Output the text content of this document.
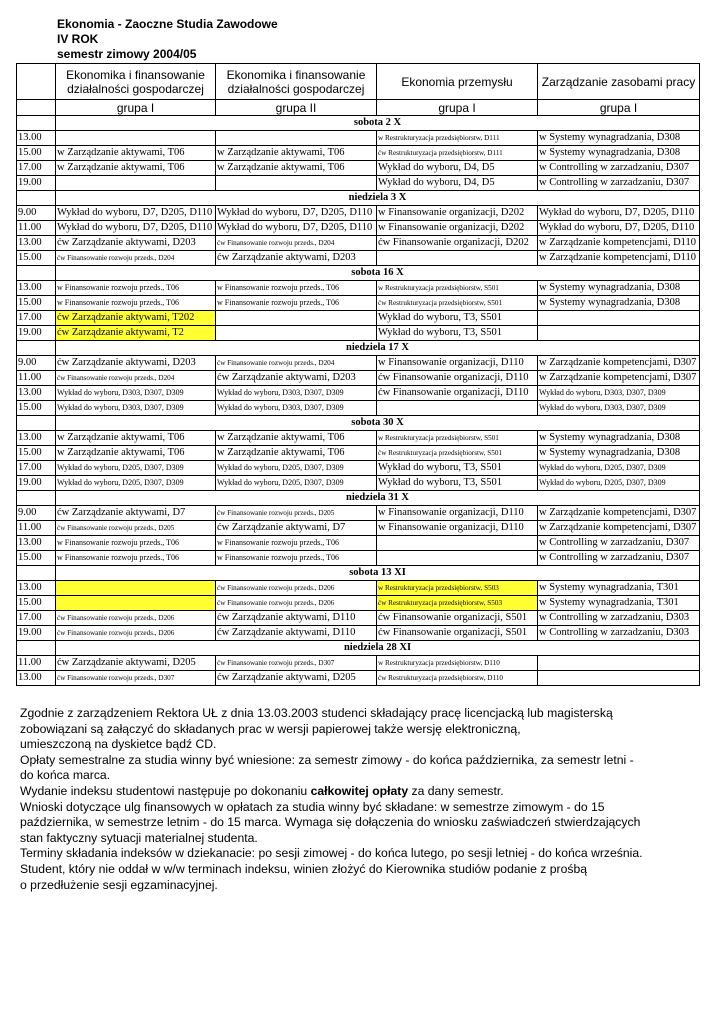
Ekonomia - Zaoczne Studia Zawodowe
IV ROK
semestr zimowy 2004/05
	Ekonomika i finansowanie działalności gospodarczej	Ekonomika i finansowanie działalności gospodarczej	Ekonomia przemysłu	Zarządzanie zasobami pracy
	grupa I	grupa II	grupa I	grupa I
	sobota 2 X			
13.00			w Restrukturyzacja przedsiębiorstw, D111	w Systemy wynagradzania, D308
15.00	w Zarządzanie aktywami, T06	w Zarządzanie aktywami, T06	ćw Restrukturyzacja przedsiębiorstw, D111	w Systemy wynagradzania, D308
17.00	w Zarządzanie aktywami, T06	w Zarządzanie aktywami, T06	Wykład do wyboru, D4, D5	w Controlling w zarzadzaniu, D307
19.00			Wykład do wyboru, D4, D5	w Controlling w zarzadzaniu, D307
	niedziela 3 X			
9.00	Wykład do wyboru, D7, D205, D110	Wykład do wyboru, D7, D205, D110	w Finansowanie organizacji, D202	Wykład do wyboru, D7, D205, D110
11.00	Wykład do wyboru, D7, D205, D110	Wykład do wyboru, D7, D205, D110	w Finansowanie organizacji, D202	Wykład do wyboru, D7, D205, D110
13.00	ćw Zarządzanie aktywami, D203	ćw Finansowanie rozwoju przeds., D204	ćw Finansowanie organizacji, D202	w Zarządzanie kompetencjami, D110
15.00	ćw Finansowanie rozwoju przeds., D204	ćw Zarządzanie aktywami, D203		w Zarządzanie kompetencjami, D110
	sobota 16 X			
13.00	w Finansowanie rozwoju przeds., T06	w Finansowanie rozwoju przeds., T06	w Restrukturyzacja przedsiębiorstw, S501	w Systemy wynagradzania, D308
15.00	w Finansowanie rozwoju przeds., T06	w Finansowanie rozwoju przeds., T06	ćw Restrukturyzacja przedsiębiorstw, S501	w Systemy wynagradzania, D308
17.00	ćw Zarządzanie aktywami, T202		Wykład do wyboru, T3, S501	
19.00	ćw Zarządzanie aktywami, T2		Wykład do wyboru, T3, S501	
	niedziela 17 X			
9.00	ćw Zarządzanie aktywami, D203	ćw Finansowanie rozwoju przeds., D204	w Finansowanie organizacji, D110	w Zarządzanie kompetencjami, D307
11.00	ćw Finansowanie rozwoju przeds., D204	ćw Zarządzanie aktywami, D203	ćw Finansowanie organizacji, D110	w Zarządzanie kompetencjami, D307
13.00	Wykład do wyboru, D303, D307, D309	Wykład do wyboru, D303, D307, D309	ćw Finansowanie organizacji, D110	Wykład do wyboru, D303, D307, D309
15.00	Wykład do wyboru, D303, D307, D309	Wykład do wyboru, D303, D307, D309		Wykład do wyboru, D303, D307, D309
	sobota 30 X			
13.00	w Zarządzanie aktywami, T06	w Zarządzanie aktywami, T06	w Restrukturyzacja przedsiębiorstw, S501	w Systemy wynagradzania, D308
15.00	w Zarządzanie aktywami, T06	w Zarządzanie aktywami, T06	ćw Restrukturyzacja przedsiębiorstw, S501	w Systemy wynagradzania, D308
17.00	Wykład do wyboru, D205, D307, D309	Wykład do wyboru, D205, D307, D309	Wykład do wyboru, T3, S501	Wykład do wyboru, D205, D307, D309
19.00	Wykład do wyboru, D205, D307, D309	Wykład do wyboru, D205, D307, D309	Wykład do wyboru, T3, S501	Wykład do wyboru, D205, D307, D309
	niedziela 31 X			
9.00	ćw Zarządzanie aktywami, D7	ćw Finansowanie rozwoju przeds., D205	w Finansowanie organizacji, D110	w Zarządzanie kompetencjami, D307
11.00	ćw Finansowanie rozwoju przeds., D205	ćw Zarządzanie aktywami, D7	w Finansowanie organizacji, D110	w Zarządzanie kompetencjami, D307
13.00	w Finansowanie rozwoju przeds., T06	w Finansowanie rozwoju przeds., T06		w Controlling w zarzadzaniu, D307
15.00	w Finansowanie rozwoju przeds., T06	w Finansowanie rozwoju przeds., T06		w Controlling w zarzadzaniu, D307
	sobota 13 XI			
13.00		ćw Finansowanie rozwoju przeds., D206	w Restrukturyzacja przedsiębiorstw, S503	w Systemy wynagradzania, T301
15.00		ćw Finansowanie rozwoju przeds., D206	ćw Restrukturyzacja przedsiębiorstw, S503	w Systemy wynagradzania, T301
17.00	ćw Finansowanie rozwoju przeds., D206	ćw Zarządzanie aktywami, D110	ćw Finansowanie organizacji, S501	w Controlling w zarzadzaniu, D303
19.00	ćw Finansowanie rozwoju przeds., D206	ćw Zarządzanie aktywami, D110	ćw Finansowanie organizacji, S501	w Controlling w zarzadzaniu, D303
	niedziela 28 XI			
11.00	ćw Zarządzanie aktywami, D205	ćw Finansowanie rozwoju przeds., D307	w Restrukturyzacja przedsiębiorstw, D110	
13.00	ćw Finansowanie rozwoju przeds., D307	ćw Zarządzanie aktywami, D205	ćw Restrukturyzacja przedsiębiorstw, D110	
Zgodnie z zarządzeniem Rektora UŁ z dnia 13.03.2003 studenci składający pracę licencjacką lub magisterską
zobowiązani są załączyć do składanych prac w wersji papierowej także wersję elektroniczną,
umieszczoną na dyskietce bądź CD.
Opłaty semestralne za studia winny być wniesione: za semestr zimowy - do końca października, za semestr letni -
do końca marca.
Wydanie indeksu studentowi następuje po dokonaniu całkowitej opłaty za dany semestr.
Wnioski dotyczące ulg finansowych w opłatach za studia winny być składane: w semestrze zimowym - do 15
października, w semestrze letnim - do 15 marca. Wymaga się dołączenia do wniosku zaświadczeń stwierdzających
stan faktyczny sytuacji materialnej studenta.
Terminy składania indeksów w dziekanacie: po sesji zimowej - do końca lutego, po sesji letniej - do końca września.
Student, który nie oddał w w/w terminach indeksu, winien złożyć do Kierownika studiów podanie z prośbą
o przedłużenie sesji egzaminacyjnej.
